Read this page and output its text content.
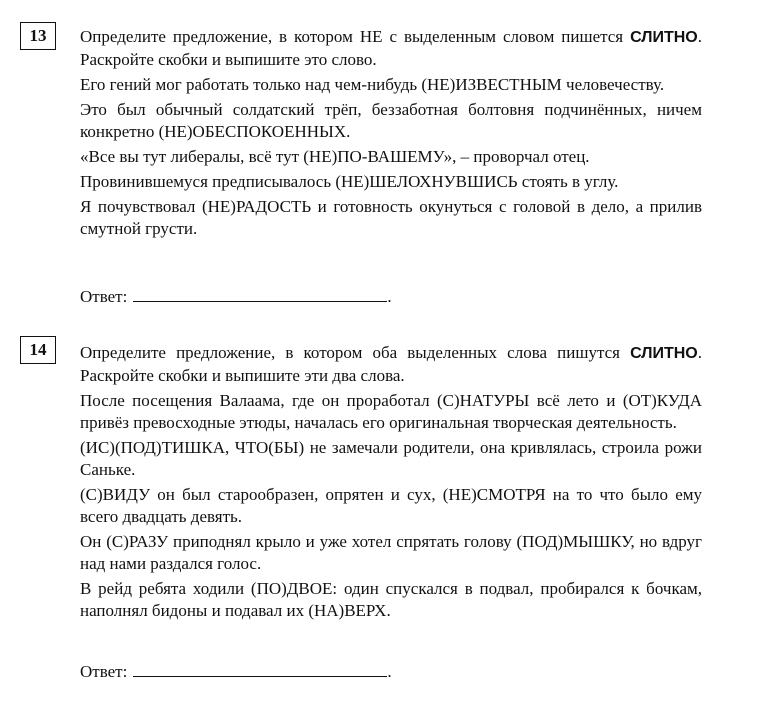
13	Определите предложение, в котором НЕ с выделенным словом пишется СЛИТНО. Раскройте скобки и выпишите это слово.

Его гений мог работать только над чем-нибудь (НЕ)ИЗВЕСТНЫМ человечеству.

Это был обычный солдатский трёп, беззаботная болтовня подчинённых, ничем конкретно (НЕ)ОБЕСПОКОЕННЫХ.

«Все вы тут либералы, всё тут (НЕ)ПО-ВАШЕМУ», – проворчал отец.

Провинившемуся предписывалось (НЕ)ШЕЛОХНУВШИСЬ стоять в углу.

Я почувствовал (НЕ)РАДОСТЬ и готовность окунуться с головой в дело, а прилив смутной грусти.

Ответ:	.
14	Определите предложение, в котором оба выделенных слова пишутся СЛИТНО. Раскройте скобки и выпишите эти два слова.

После посещения Валаама, где он проработал (С)НАТУРЫ всё лето и (ОТ)КУДА привёз превосходные этюды, началась его оригинальная творческая деятельность.

(ИС)(ПОД)ТИШКА, ЧТО(БЫ) не замечали родители, она кривлялась, строила рожи Саньке.

(С)ВИДУ он был старообразен, опрятен и сух, (НЕ)СМОТРЯ на то что было ему всего двадцать девять.

Он (С)РАЗУ приподнял крыло и уже хотел спрятать голову (ПОД)МЫШКУ, но вдруг над нами раздался голос.

В рейд ребята ходили (ПО)ДВОЕ: один спускался в подвал, пробирался к бочкам, наполнял бидоны и подавал их (НА)ВЕРХ.

Ответ:	.
